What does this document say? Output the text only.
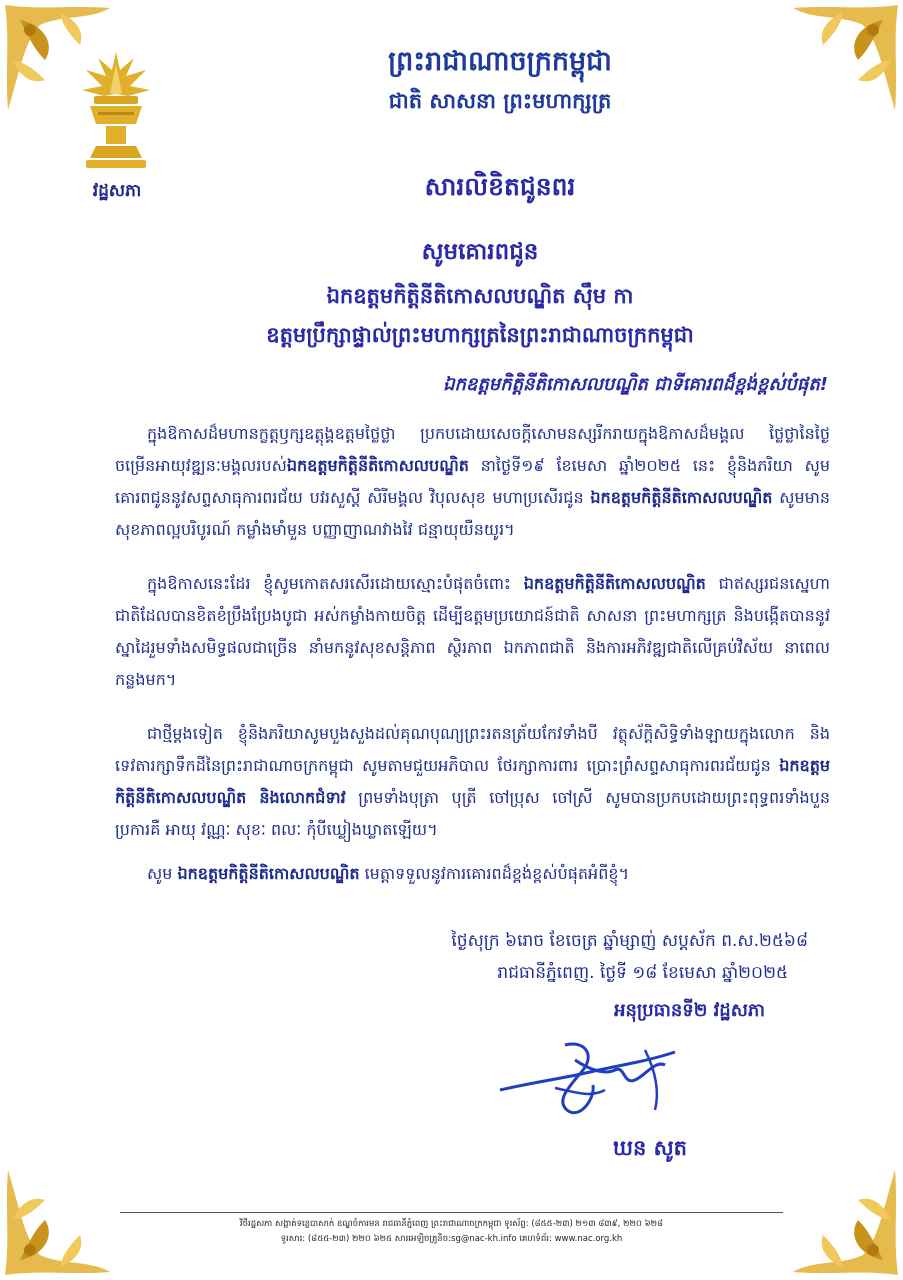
វដ្ឋសភា
ព្រះរាជាណាចក្រកម្ពុជា
ជាតិ សាសនា ព្រះមហាក្សត្រ
សារលិខិតជូនពរ
សូមគោរពជូន
ឯកឧត្តមកិត្តិនីតិកោសលបណ្ឌិត ស៊ឹម កា
ឧត្តមប្រឹក្សាផ្ទាល់ព្រះមហាក្សត្រនៃព្រះរាជាណាចក្រកម្ពុជា
ឯកឧត្តមកិត្តិនីតិកោសលបណ្ឌិត ជាទីគោរពដ៏ខ្ពង់ខ្ពស់បំផុត!
ក្នុងឱកាសដ៏មហានក្ខត្តឫក្សឧត្តុង្គឧត្តមថ្លៃថ្លា ប្រកបដោយសេចក្តីសោមនស្សរីករាយក្នុងឱកាសដ៏មង្គល ថ្លៃថ្លានៃថ្ងៃចម្រើនអាយុវឌ្ឍនៈមង្គលរបស់ឯកឧត្តមកិត្តិនីតិកោសលបណ្ឌិត នាថ្ងៃទី១៩ ខែមេសា ឆ្នាំ២០២៥ នេះ ខ្ញុំនិងភរិយា សូមគោរពជូននូវសព្ទសាធុការពរជ័យ បវរសួស្តី សិរីមង្គល វិបុលសុខ មហាប្រសើរជូន ឯកឧត្តមកិត្តិនីតិកោសលបណ្ឌិត សូមមានសុខភាពល្អបរិបូរណ៍ កម្លាំងមាំមួន បញ្ញាញាណវាងវៃ ជន្មាយុយឺនយូរ។
ក្នុងឱកាសនេះដែរ ខ្ញុំសូមកោតសរសើរដោយស្មោះបំផុតចំពោះ ឯកឧត្តមកិត្តិនីតិកោសលបណ្ឌិត ជាឥស្សរជនស្នេហាជាតិដែលបានខិតខំប្រឹងប្រែងបូជា អស់កម្លាំងកាយចិត្ត ដើម្បីឧត្តមប្រយោជន៍ជាតិ សាសនា ព្រះមហាក្សត្រ និងបង្កើតបាននូវស្នាដៃរួមទាំងសមិទ្ធផលជាច្រើន នាំមកនូវសុខសន្តិភាព ស្ថិរភាព ឯកភាពជាតិ និងការអភិវឌ្ឍជាតិលើគ្រប់វិស័យ នាពេលកន្លងមក។
ជាថ្មីម្តងទៀត ខ្ញុំនិងភរិយាសូមបួងសួងដល់គុណបុណ្យព្រះរតនត្រ័យកែវទាំងបី វត្ថុស័ក្តិសិទ្ធិទាំងឡាយក្នុងលោក និងទេវតារក្សាទឹកដីនៃព្រះរាជាណាចក្រកម្ពុជា សូមតាមជួយអភិបាល ថែរក្សាការពារ ប្រោះព្រំសព្ទសាធុការពរជ័យជូន ឯកឧត្តមកិត្តិនីតិកោសលបណ្ឌិត និងលោកជំទាវ ព្រមទាំងបុត្រា បុត្រី ចៅប្រុស ចៅស្រី សូមបានប្រកបដោយព្រះពុទ្ធពរទាំងបួនប្រការគឺ អាយុ វណ្ណៈ សុខៈ ពលៈ កុំបីឃ្លៀងឃ្លាតឡើយ។
សូម ឯកឧត្តមកិត្តិនីតិកោសលបណ្ឌិត មេត្តាទទួលនូវការគោរពដ៏ខ្ពង់ខ្ពស់បំផុតអំពីខ្ញុំ។
ថ្ងៃសុក្រ ៦រោច ខែចេត្រ ឆ្នាំម្សាញ់ សប្តស័ក ព.ស.២៥៦៨
រាជធានីភ្នំពេញ. ថ្ងៃទី ១៨ ខែមេសា ឆ្នាំ២០២៥
អនុប្រធានទី២ វដ្ឋសភា
ឃន សូត
វិថីរដ្ឋសភា សង្កាត់ទន្លេបាសាក់ ខណ្ឌចំការមន រាជធានីភ្នំពេញ ព្រះរាជាណាចក្រកម្ពុជា ទូរស័ព្ទ: (៨៥៥-២៣) ២១៣ ៨៣៩, ២២០ ៦២៨
ទូរសារ: (៨៥៥-២៣) ២២០ ៦២៥ សារអេឡិចត្រូនិច:sg@nac-kh.info គេហទំព័រ: www.nac.org.kh
